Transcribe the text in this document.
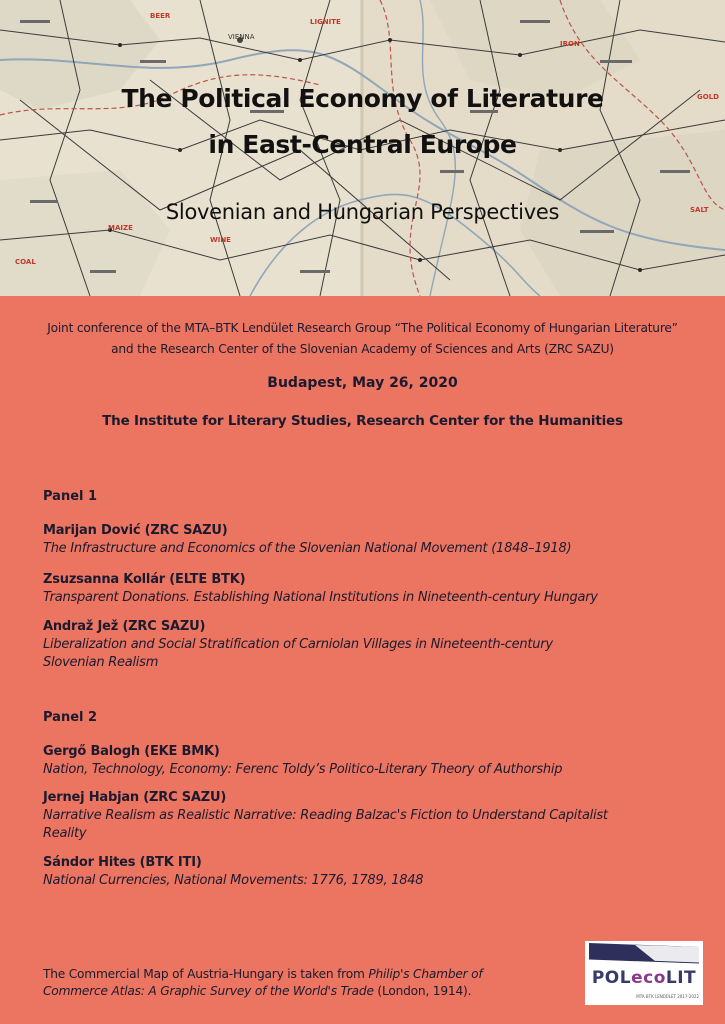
VIENNA
GOLD
BEER
MAIZE
LIGNITE
SALT
IRON
COAL
WINE
The Political Economy of Literature
in East-Central Europe
Slovenian and Hungarian Perspectives
Joint conference of the MTA–BTK Lendület Research Group “The Political Economy of Hungarian Literature”
and the Research Center of the Slovenian Academy of Sciences and Arts (ZRC SAZU)
Budapest, May 26, 2020
The Institute for Literary Studies, Research Center for the Humanities
Panel 1
Marijan Dović (ZRC SAZU)
The Infrastructure and Economics of the Slovenian National Movement (1848–1918)
Zsuzsanna Kollár (ELTE BTK)
Transparent Donations. Establishing National Institutions in Nineteenth-century Hungary
Andraž Jež (ZRC SAZU)
Liberalization and Social Stratification of Carniolan Villages in Nineteenth-century
Slovenian Realism
Panel 2
Gergő Balogh (EKE BMK)
Nation, Technology, Economy: Ferenc Toldy’s Politico-Literary Theory of Authorship
Jernej Habjan (ZRC SAZU)
Narrative Realism as Realistic Narrative: Reading Balzac's Fiction to Understand Capitalist
Reality
Sándor Hites (BTK ITI)
National Currencies, National Movements: 1776, 1789, 1848
The Commercial Map of Austria-Hungary is taken from Philip's Chamber of
Commerce Atlas: A Graphic Survey of the World's Trade (London, 1914).
POLecoLIT
MTA BTK LENDÜLET 2017-2022
